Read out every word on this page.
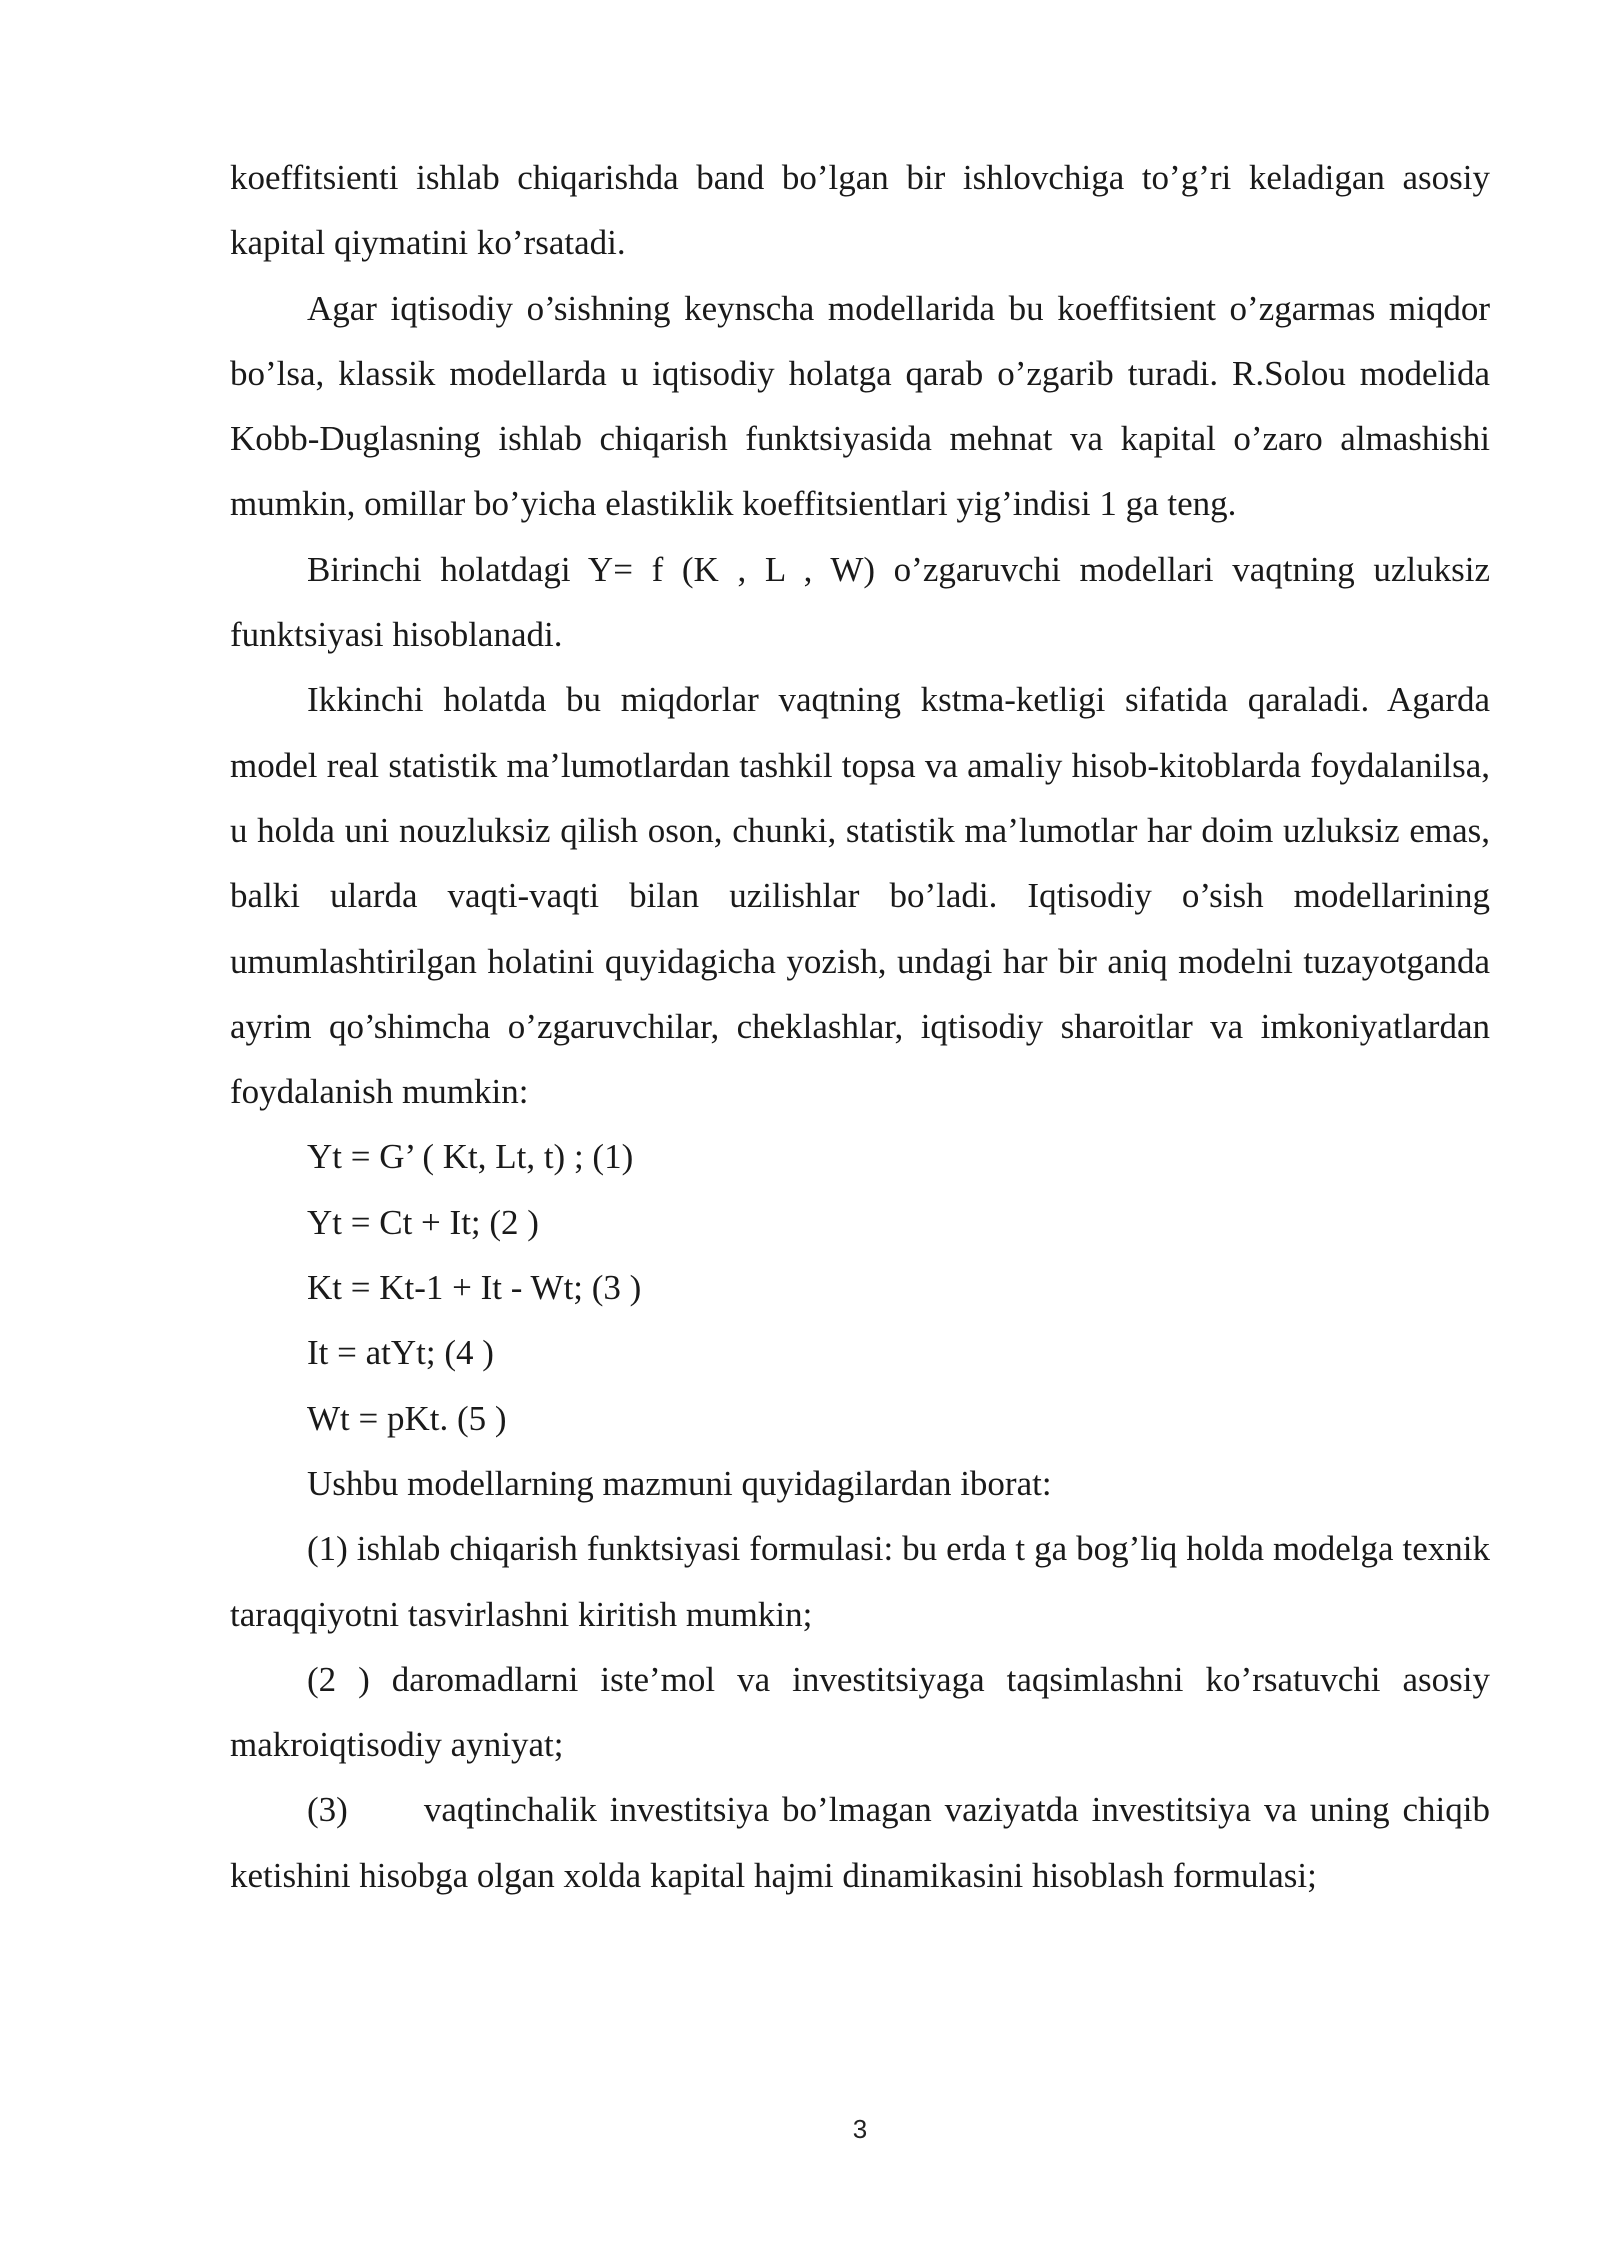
koeffitsienti ishlab chiqarishda band bo’lgan bir ishlovchiga to’g’ri keladigan asosiy kapital qiymatini ko’rsatadi.

Agar iqtisodiy o’sishning keynscha modellarida bu koeffitsient o’zgarmas miqdor bo’lsa, klassik modellarda u iqtisodiy holatga qarab o’zgarib turadi. R.Solou modelida Kobb-Duglasning ishlab chiqarish funktsiyasida mehnat va kapital o’zaro almashishi mumkin, omillar bo’yicha elastiklik koeffitsientlari yig’indisi 1 ga teng.

Birinchi holatdagi Y= f (K , L , W) o’zgaruvchi modellari vaqtning uzluksiz funktsiyasi hisoblanadi.

Ikkinchi holatda bu miqdorlar vaqtning kstma-ketligi sifatida qaraladi. Agarda model real statistik ma’lumotlardan tashkil topsa va amaliy hisob-kitoblarda foydalanilsa, u holda uni nouzluksiz qilish oson, chunki, statistik ma’lumotlar har doim uzluksiz emas, balki ularda vaqti-vaqti bilan uzilishlar bo’ladi. Iqtisodiy o’sish modellarining umumlashtirilgan holatini quyidagicha yozish, undagi har bir aniq modelni tuzayotganda ayrim qo’shimcha o’zgaruvchilar, cheklashlar, iqtisodiy sharoitlar va imkoniyatlardan foydalanish mumkin:

Yt = G’ ( Kt, Lt, t) ; (1)

Yt = Ct + It; (2 )

Kt = Kt-1 + It - Wt; (3 )

It = atYt; (4 )

Wt = pKt. (5 )

Ushbu modellarning mazmuni quyidagilardan iborat:

(1) ishlab chiqarish funktsiyasi formulasi: bu erda t ga bog’liq holda modelga texnik taraqqiyotni tasvirlashni kiritish mumkin;

(2 ) daromadlarni iste’mol va investitsiyaga taqsimlashni ko’rsatuvchi asosiy makroiqtisodiy ayniyat;

(3) vaqtinchalik investitsiya bo’lmagan vaziyatda investitsiya va uning chiqib ketishini hisobga olgan xolda kapital hajmi dinamikasini hisoblash formulasi;

3
